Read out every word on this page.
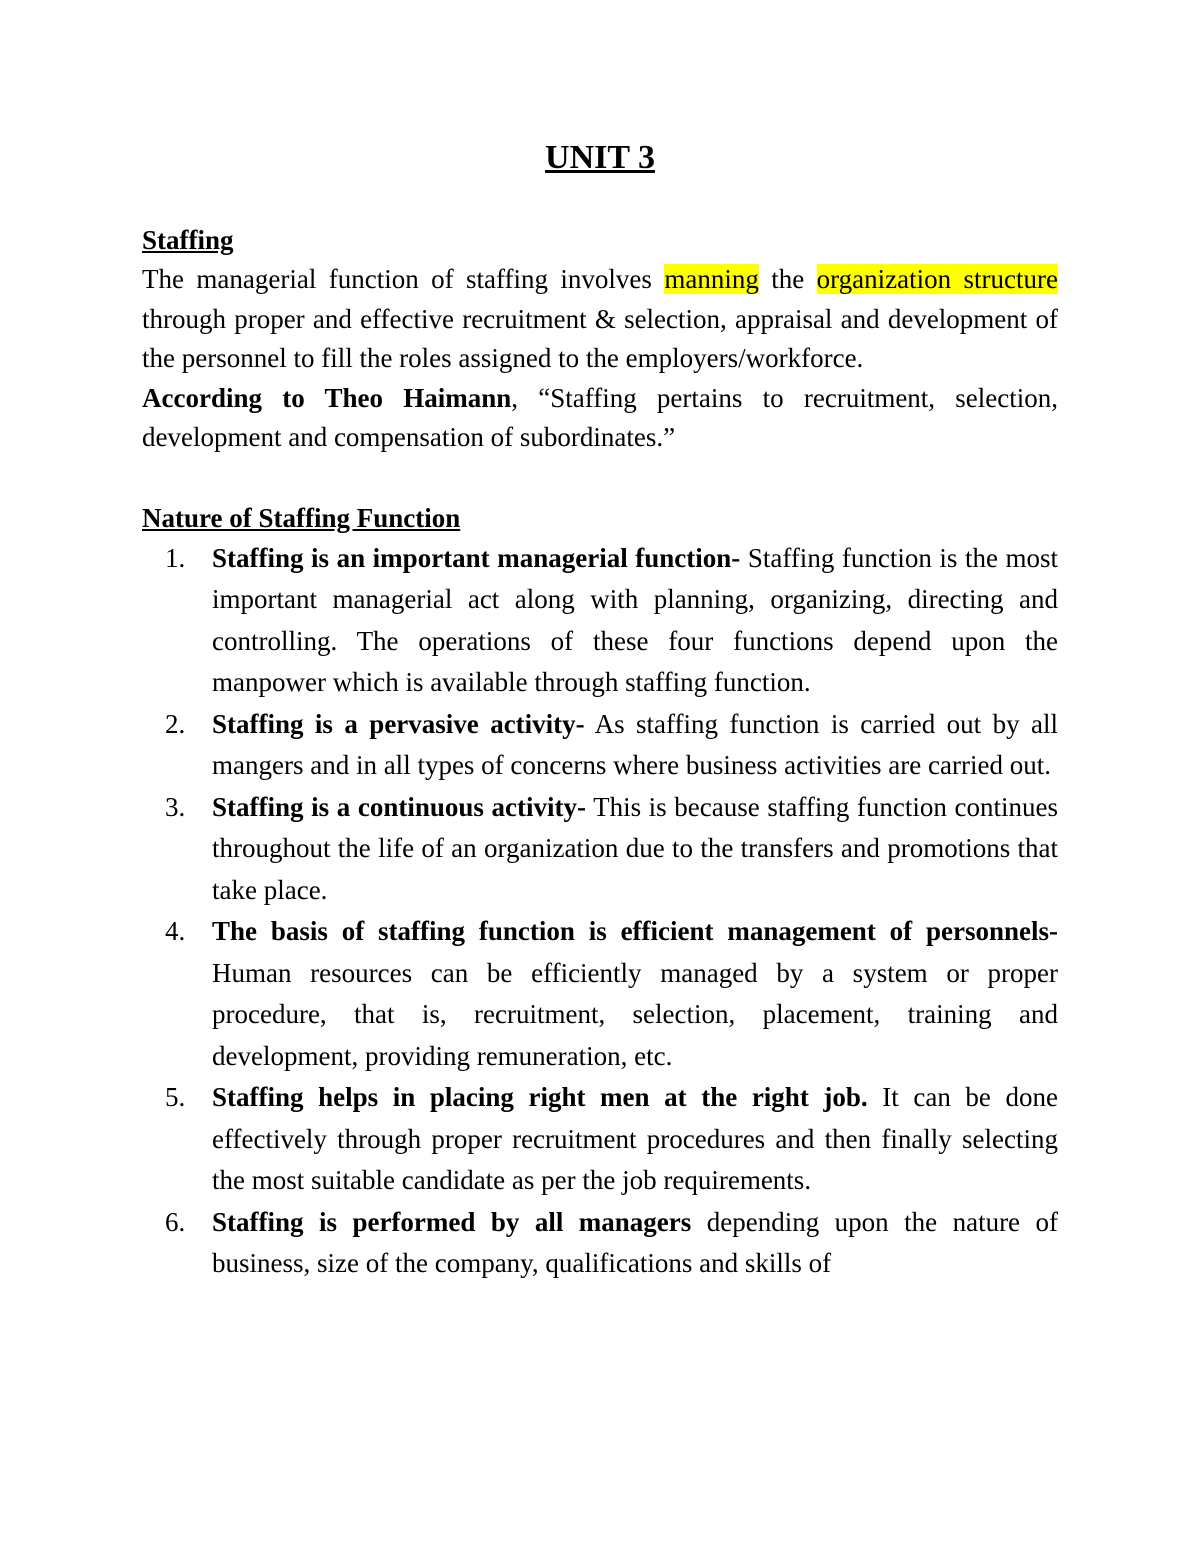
UNIT 3

Staffing

The managerial function of staffing involves manning the organization structure through proper and effective recruitment & selection, appraisal and development of the personnel to fill the roles assigned to the employers/workforce.

According to Theo Haimann, “Staffing pertains to recruitment, selection, development and compensation of subordinates.”

Nature of Staffing Function

1. Staffing is an important managerial function- Staffing function is the most important managerial act along with planning, organizing, directing and controlling. The operations of these four functions depend upon the manpower which is available through staffing function.
2. Staffing is a pervasive activity- As staffing function is carried out by all mangers and in all types of concerns where business activities are carried out.
3. Staffing is a continuous activity- This is because staffing function continues throughout the life of an organization due to the transfers and promotions that take place.
4. The basis of staffing function is efficient management of personnels- Human resources can be efficiently managed by a system or proper procedure, that is, recruitment, selection, placement, training and development, providing remuneration, etc.
5. Staffing helps in placing right men at the right job. It can be done effectively through proper recruitment procedures and then finally selecting the most suitable candidate as per the job requirements.
6. Staffing is performed by all managers depending upon the nature of business, size of the company, qualifications and skills of
